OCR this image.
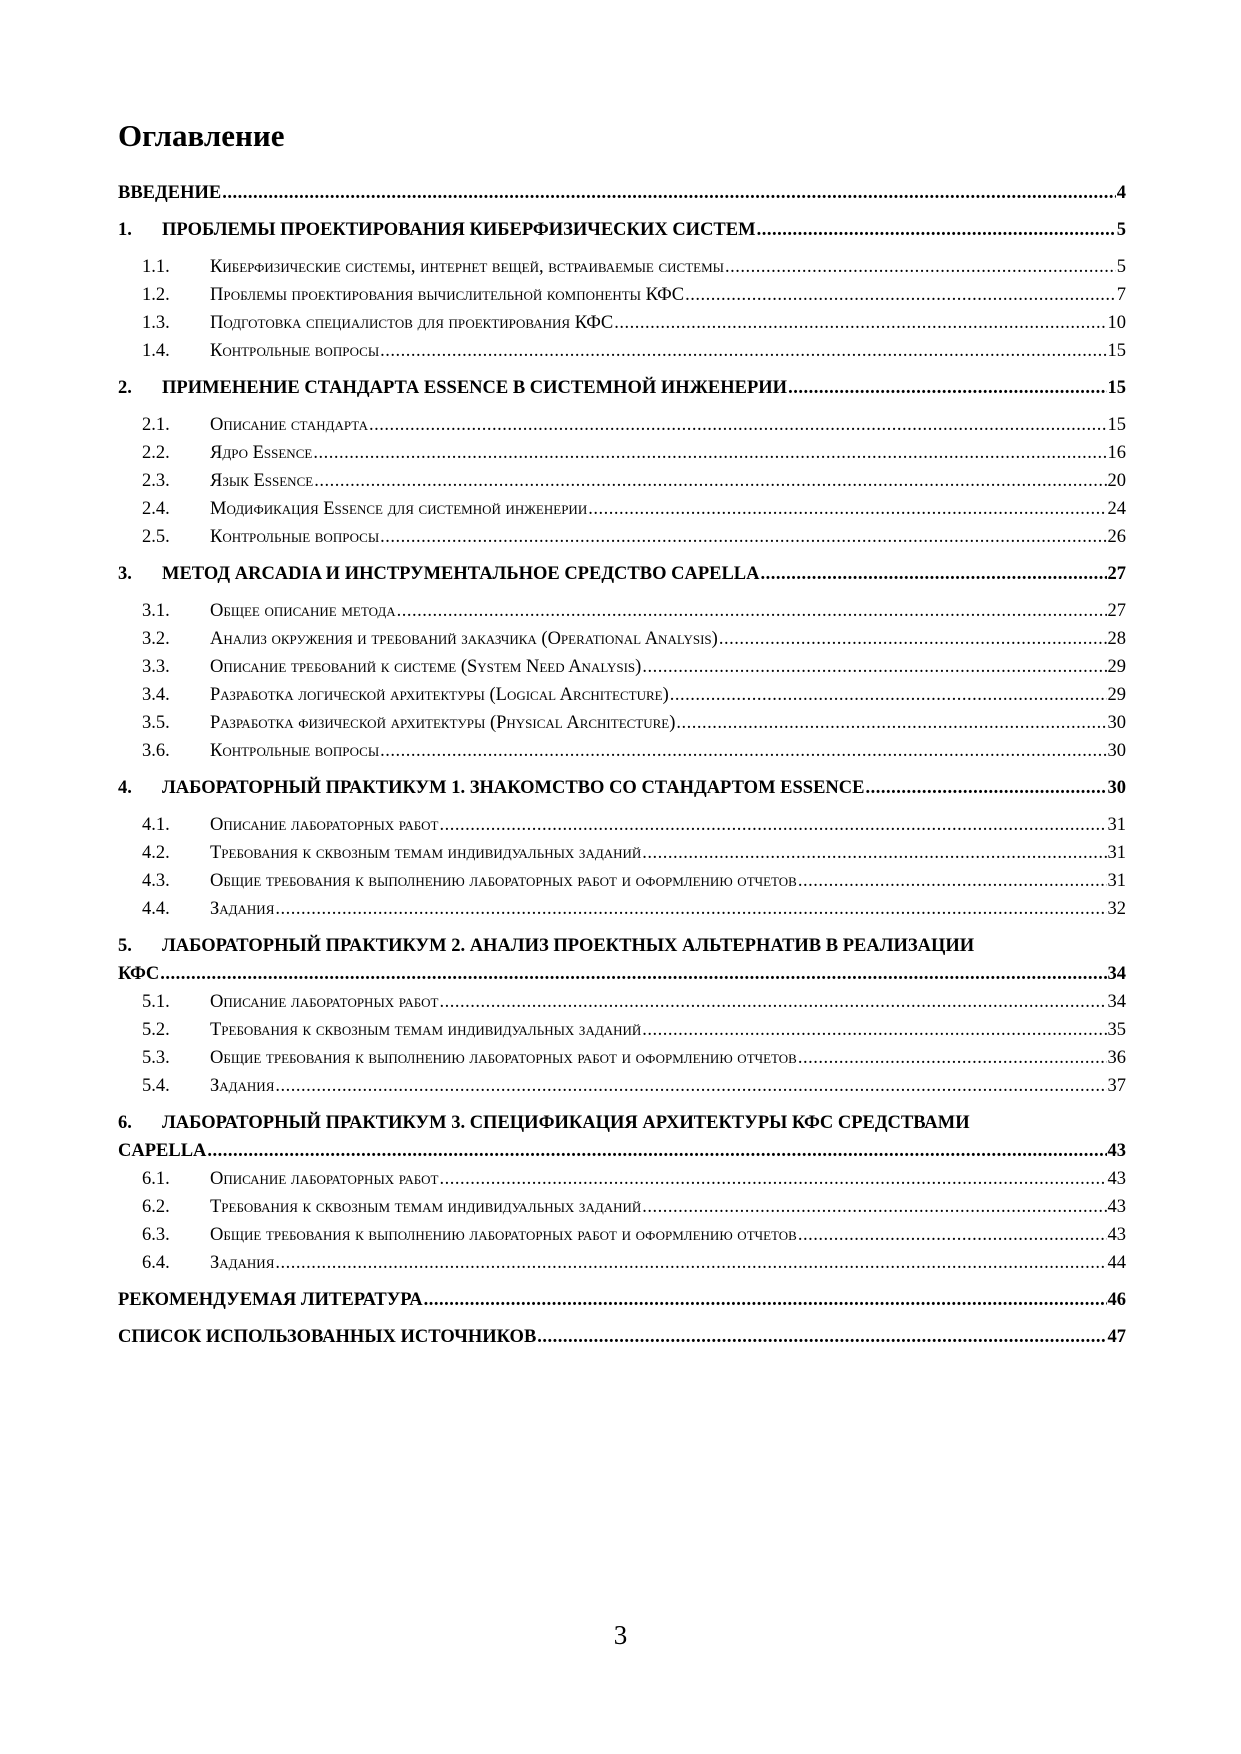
Оглавление
ВВЕДЕНИЕ .....	4
1.	ПРОБЛЕМЫ ПРОЕКТИРОВАНИЯ КИБЕРФИЗИЧЕСКИХ СИСТЕМ .....	5
1.1.	Киберфизические системы, интернет вещей, встраиваемые системы .....	5
1.2.	Проблемы проектирования вычислительной компоненты КФС .....	7
1.3.	Подготовка специалистов для проектирования КФС .....	10
1.4.	Контрольные вопросы .....	15
2.	ПРИМЕНЕНИЕ СТАНДАРТА ESSENCE В СИСТЕМНОЙ ИНЖЕНЕРИИ .....	15
2.1.	Описание стандарта .....	15
2.2.	Ядро Essence .....	16
2.3.	Язык Essence .....	20
2.4.	Модификация Essence для системной инженерии .....	24
2.5.	Контрольные вопросы .....	26
3.	МЕТОД ARCADIA И ИНСТРУМЕНТАЛЬНОЕ СРЕДСТВО CAPELLA .....	27
3.1.	Общее описание метода .....	27
3.2.	Анализ окружения и требований заказчика (Operational Analysis) .....	28
3.3.	Описание требований к системе (System Need Analysis) .....	29
3.4.	Разработка логической архитектуры (Logical Architecture) .....	29
3.5.	Разработка физической архитектуры (Physical Architecture) .....	30
3.6.	Контрольные вопросы .....	30
4.	ЛАБОРАТОРНЫЙ ПРАКТИКУМ 1. ЗНАКОМСТВО СО СТАНДАРТОМ ESSENCE .....	30
4.1.	Описание лабораторных работ .....	31
4.2.	Требования к сквозным темам индивидуальных заданий .....	31
4.3.	Общие требования к выполнению лабораторных работ и оформлению отчетов .....	31
4.4.	Задания .....	32
5.	ЛАБОРАТОРНЫЙ ПРАКТИКУМ 2. АНАЛИЗ ПРОЕКТНЫХ АЛЬТЕРНАТИВ В РЕАЛИЗАЦИИ
КФС .....	34
5.1.	Описание лабораторных работ .....	34
5.2.	Требования к сквозным темам индивидуальных заданий .....	35
5.3.	Общие требования к выполнению лабораторных работ и оформлению отчетов .....	36
5.4.	Задания .....	37
6.	ЛАБОРАТОРНЫЙ ПРАКТИКУМ 3. СПЕЦИФИКАЦИЯ АРХИТЕКТУРЫ КФС СРЕДСТВАМИ
CAPELLA .....	43
6.1.	Описание лабораторных работ .....	43
6.2.	Требования к сквозным темам индивидуальных заданий .....	43
6.3.	Общие требования к выполнению лабораторных работ и оформлению отчетов .....	43
6.4.	Задания .....	44
РЕКОМЕНДУЕМАЯ ЛИТЕРАТУРА .....	46
СПИСОК ИСПОЛЬЗОВАННЫХ ИСТОЧНИКОВ .....	47
3
